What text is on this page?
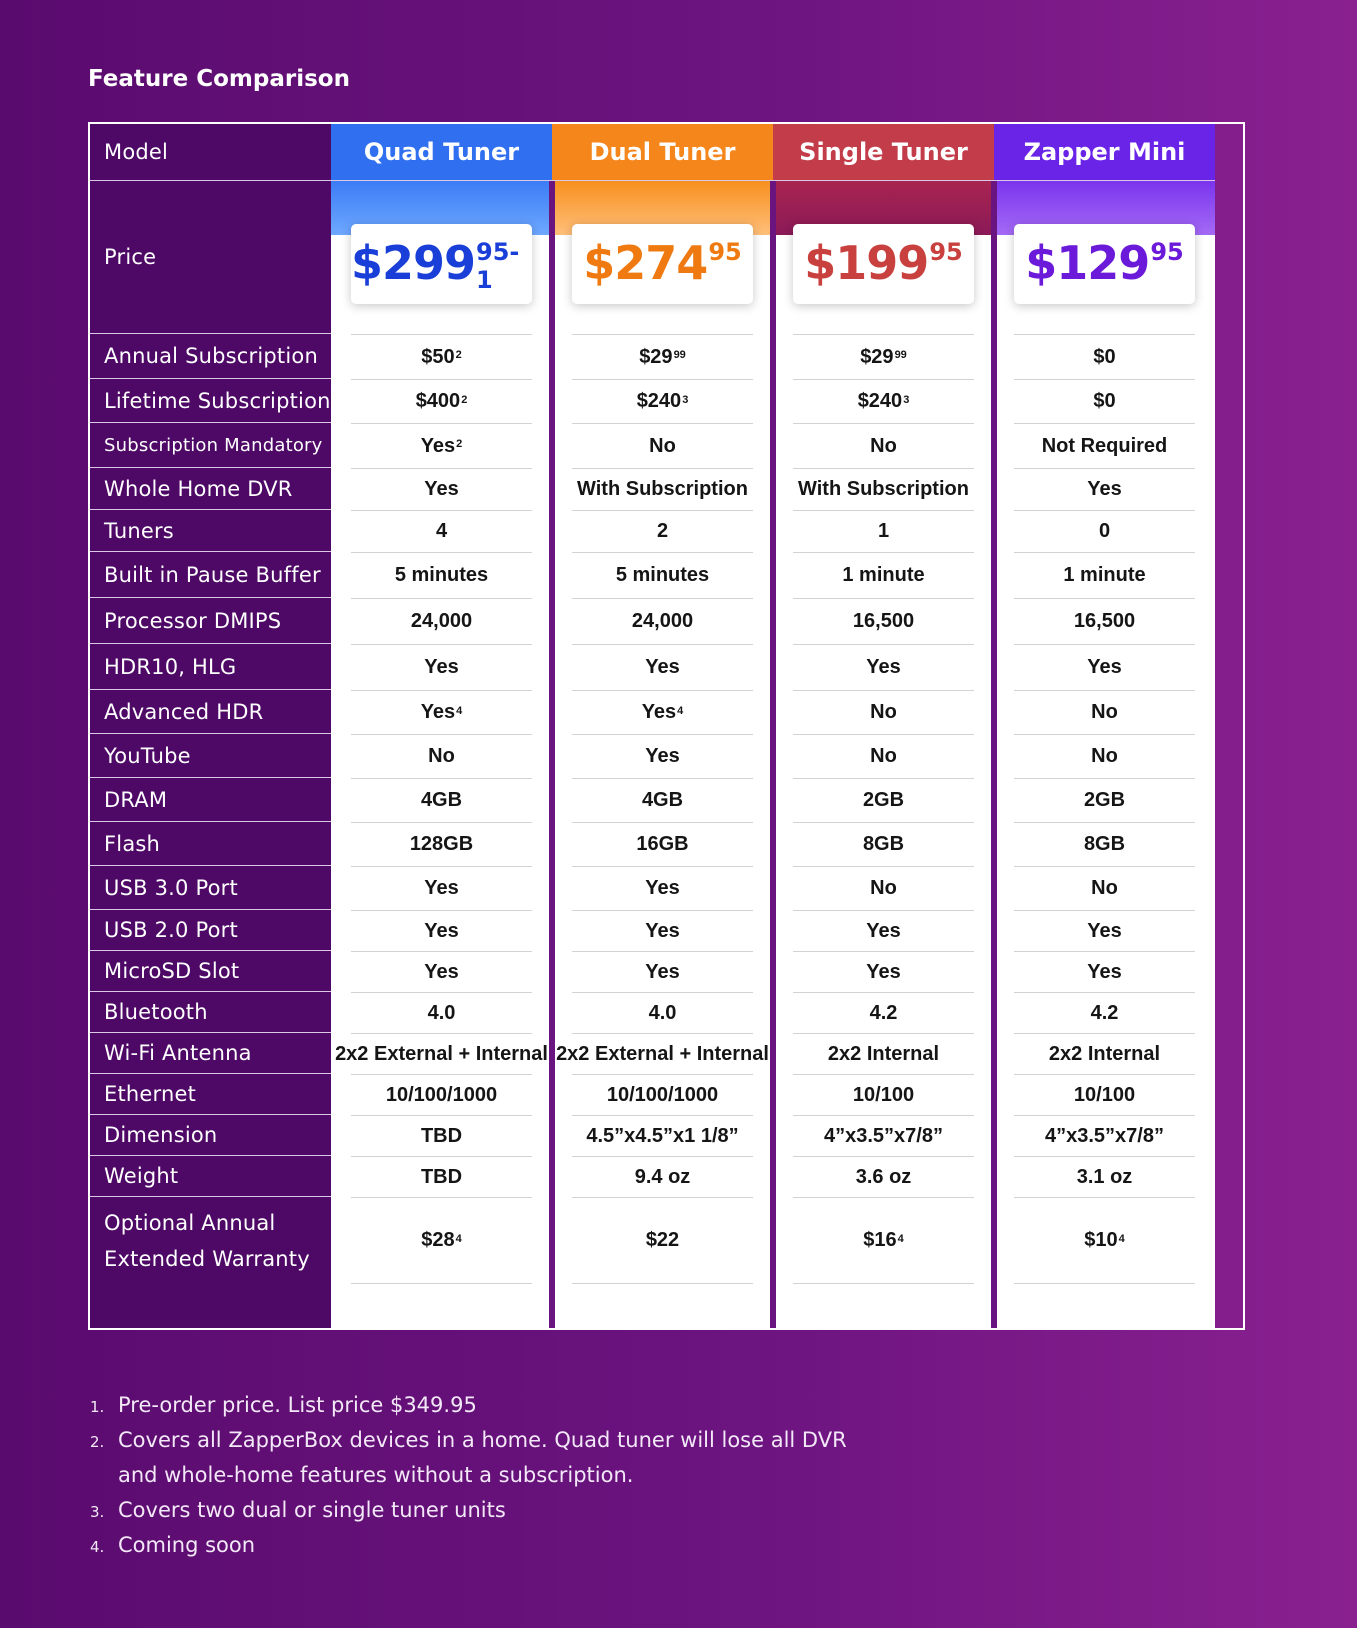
Feature Comparison
Model
Price
Annual Subscription
Lifetime Subscription
Subscription Mandatory
Whole Home DVR
Tuners
Built in Pause Buffer
Processor DMIPS
HDR10, HLG
Advanced HDR
YouTube
DRAM
Flash
USB 3.0 Port
USB 2.0 Port
MicroSD Slot
Bluetooth
Wi-Fi Antenna
Ethernet
Dimension
Weight
Optional Annual Extended Warranty
Quad Tuner
$299 95-1
$\$50^2$
$\$400^2$
Yes$^2$
Yes
4
5 minutes
24,000
Yes
Yes$^4$
No
4GB
128GB
Yes
Yes
Yes
4.0
2x2 External + Internal
10/100/1000
TBD
TBD
$\$28^4$
Dual Tuner
$274 95
$\$29^{99}$
$\$240^3$
No
With Subscription
2
5 minutes
24,000
Yes
Yes$^4$
Yes
4GB
16GB
Yes
Yes
Yes
4.0
2x2 External + Internal
10/100/1000
4.5”x4.5”x1 1/8”
9.4 oz
$22
Single Tuner
$199 95
$\$29^{99}$
$\$240^3$
No
With Subscription
1
1 minute
16,500
Yes
No
No
2GB
8GB
No
Yes
Yes
4.2
2x2 Internal
10/100
4”x3.5”x7/8”
3.6 oz
$\$16^4$
Zapper Mini
$129 95
$0
$0
Not Required
Yes
0
1 minute
16,500
Yes
No
No
2GB
8GB
No
Yes
Yes
4.2
2x2 Internal
10/100
4”x3.5”x7/8”
3.1 oz
$\$10^4$
1. Pre-order price. List price $349.95
2. Covers all ZapperBox devices in a home. Quad tuner will lose all DVR and whole-home features without a subscription.
3. Covers two dual or single tuner units
4. Coming soon
